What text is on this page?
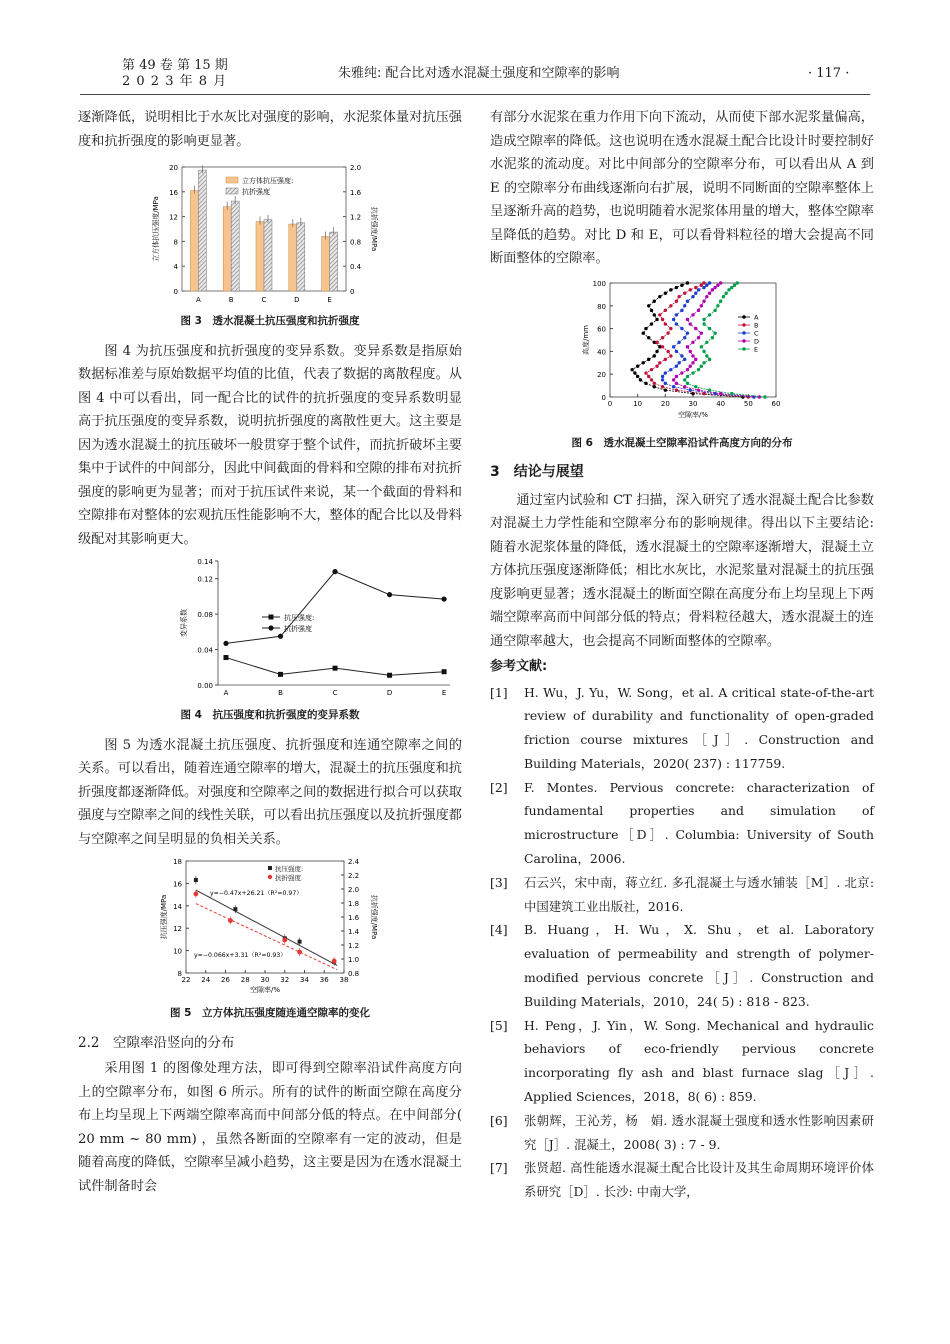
第 49 卷 第 15 期
2 0 2 3 年 8 月
朱雅纯: 配合比对透水混凝土强度和空隙率的影响	· 117 ·

逐渐降低，说明相比于水灰比对强度的影响，水泥浆体量对抗压强度和抗折强度的影响更显著。

0
4
8
12
16
20
0
0.4
0.8
1.2
1.6
2.0
立方体抗压强度/MPa	抗折强度/MPa
A	B	C	D	E
立方体抗压强度:
抗折强度
图 3　透水混凝土抗压强度和抗折强度

图 4 为抗压强度和抗折强度的变异系数。变异系数是指原始数据标准差与原始数据平均值的比值，代表了数据的离散程度。从图 4 中可以看出，同一配合比的试件的抗折强度的变异系数明显高于抗压强度的变异系数，说明抗折强度的离散性更大。这主要是因为透水混凝土的抗压破坏一般贯穿于整个试件，而抗折破坏主要集中于试件的中间部分，因此中间截面的骨料和空隙的排布对抗折强度的影响更为显著；而对于抗压试件来说，某一个截面的骨料和空隙排布对整体的宏观抗压性能影响不大，整体的配合比以及骨料级配对其影响更大。

0.00
0.04
0.08
0.12
0.14
变异系数
A	B	C	D	E
抗压强度:
抗折强度
图 4　抗压强度和抗折强度的变异系数

图 5 为透水混凝土抗压强度、抗折强度和连通空隙率之间的关系。可以看出，随着连通空隙率的增大，混凝土的抗压强度和抗折强度都逐渐降低。对强度和空隙率之间的数据进行拟合可以获取强度与空隙率之间的线性关联，可以看出抗压强度以及抗折强度都与空隙率之间呈明显的负相关关系。

22 24 26 28 30 32 34 36 38
8
10
12
14
16
18
0.8
1.0
1.2
1.4
1.6
1.8
2.0
2.2
2.4
空隙率/%
抗压强度/MPa	抗折强度/MPa
抗压强度:
抗折强度
y=−0.47x+26.21（R²=0.97）
y=−0.066x+3.31（R²=0.93）
图 5　立方体抗压强度随连通空隙率的变化
2.2　空隙率沿竖向的分布

采用图 1 的图像处理方法，即可得到空隙率沿试件高度方向上的空隙率分布，如图 6 所示。所有的试件的断面空隙在高度分布上均呈现上下两端空隙率高而中间部分低的特点。在中间部分( 20 mm ~ 80 mm) ，虽然各断面的空隙率有一定的波动，但是随着高度的降低，空隙率呈减小趋势，这主要是因为在透水混凝土试件制备时会

有部分水泥浆在重力作用下向下流动，从而使下部水泥浆量偏高，造成空隙率的降低。这也说明在透水混凝土配合比设计时要控制好水泥浆的流动度。对比中间部分的空隙率分布，可以看出从 A 到 E 的空隙率分布曲线逐渐向右扩展，说明不同断面的空隙率整体上呈逐渐升高的趋势，也说明随着水泥浆体用量的增大，整体空隙率呈降低的趋势。对比 D 和 E，可以看骨料粒径的增大会提高不同断面整体的空隙率。

0	10	20	30	40	50	60
0
20
40
60
80
100
空隙率/%
高度/mm
A
B
C
D
E
图 6　透水混凝土空隙率沿试件高度方向的分布
3　结论与展望

通过室内试验和 CT 扫描，深入研究了透水混凝土配合比参数对混凝土力学性能和空隙率分布的影响规律。得出以下主要结论: 随着水泥浆体量的降低，透水混凝土的空隙率逐渐增大，混凝土立方体抗压强度逐渐降低；相比水灰比，水泥浆量对混凝土的抗压强度影响更显著；透水混凝土的断面空隙在高度分布上均呈现上下两端空隙率高而中间部分低的特点；骨料粒径越大，透水混凝土的连通空隙率越大，也会提高不同断面整体的空隙率。

参考文献:
[1]	H. Wu，J. Yu，W. Song，et al. A critical state-of-the-art review of durability and functionality of open-graded friction course mixtures［J］. Construction and Building Materials，2020( 237) : 117759.
[2]	F. Montes. Pervious concrete: characterization of fundamental properties and simulation of microstructure［D］. Columbia: University of South Carolina，2006.
[3]	石云兴，宋中南，蒋立红. 多孔混凝土与透水铺装［M］. 北京: 中国建筑工业出版社，2016.
[4]	B. Huang，H. Wu，X. Shu，et al. Laboratory evaluation of permeability and strength of polymer-modified pervious concrete［J］. Construction and Building Materials，2010，24( 5) : 818 - 823.
[5]	H. Peng，J. Yin，W. Song. Mechanical and hydraulic behaviors of eco-friendly pervious concrete incorporating fly ash and blast furnace slag［J］. Applied Sciences，2018，8( 6) : 859.
[6]	张朝辉，王沁芳，杨　娟. 透水混凝土强度和透水性影响因素研究［J］. 混凝土，2008( 3) : 7 - 9.
[7]	张贤超. 高性能透水混凝土配合比设计及其生命周期环境评价体系研究［D］. 长沙: 中南大学，
